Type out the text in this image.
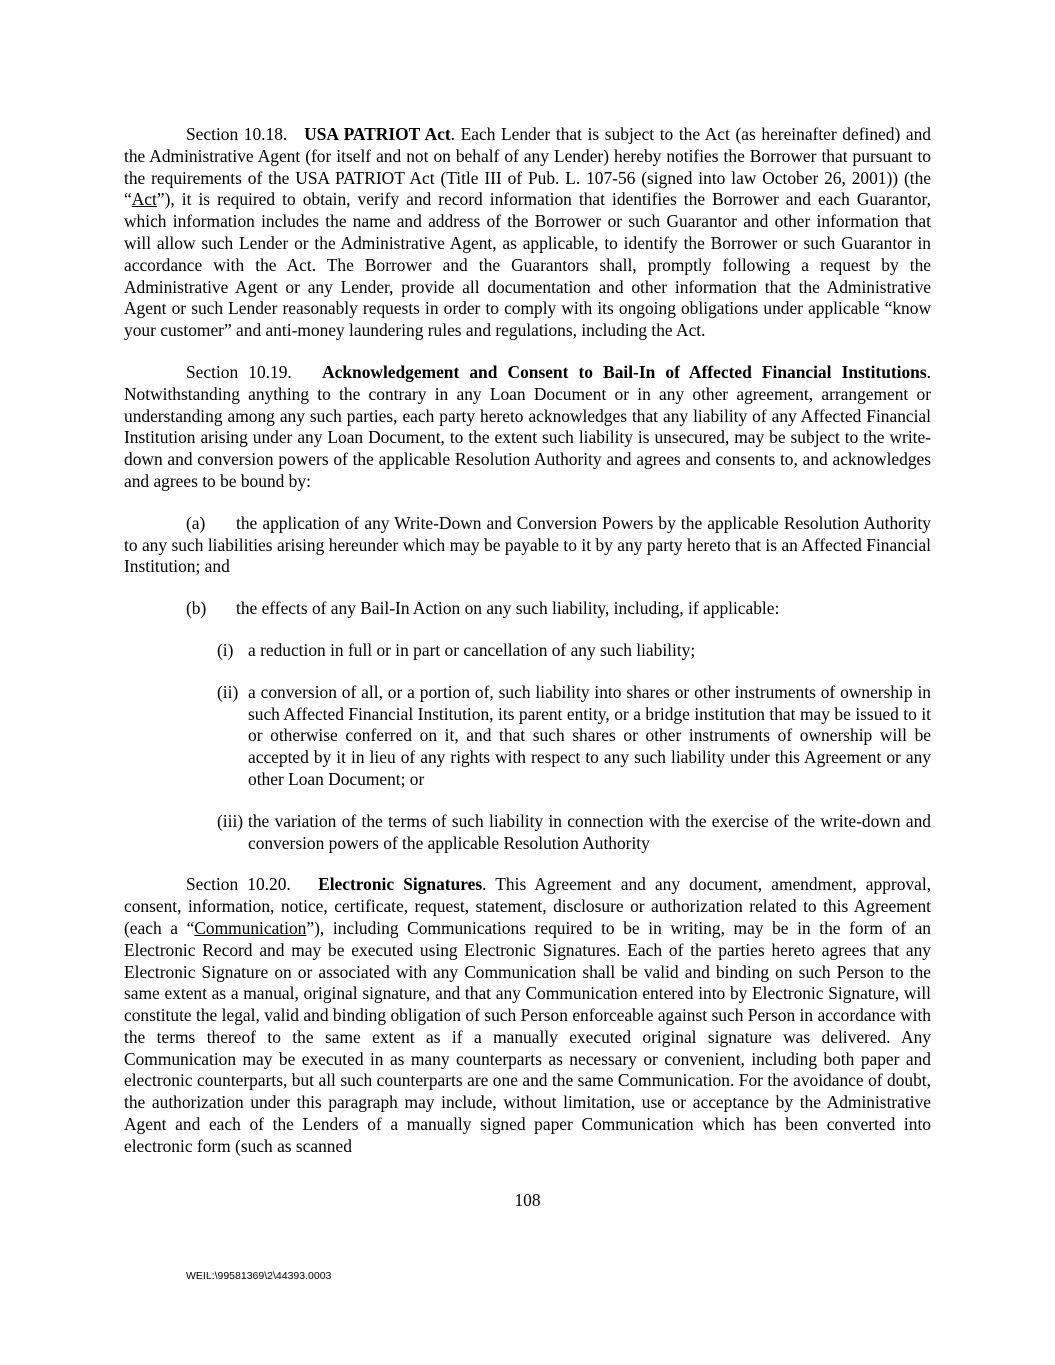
Section 10.18. USA PATRIOT Act. Each Lender that is subject to the Act (as hereinafter defined) and the Administrative Agent (for itself and not on behalf of any Lender) hereby notifies the Borrower that pursuant to the requirements of the USA PATRIOT Act (Title III of Pub. L. 107-56 (signed into law October 26, 2001)) (the “Act”), it is required to obtain, verify and record information that identifies the Borrower and each Guarantor, which information includes the name and address of the Borrower or such Guarantor and other information that will allow such Lender or the Administrative Agent, as applicable, to identify the Borrower or such Guarantor in accordance with the Act. The Borrower and the Guarantors shall, promptly following a request by the Administrative Agent or any Lender, provide all documentation and other information that the Administrative Agent or such Lender reasonably requests in order to comply with its ongoing obligations under applicable “know your customer” and anti-money laundering rules and regulations, including the Act.

Section 10.19. Acknowledgement and Consent to Bail-In of Affected Financial Institutions. Notwithstanding anything to the contrary in any Loan Document or in any other agreement, arrangement or understanding among any such parties, each party hereto acknowledges that any liability of any Affected Financial Institution arising under any Loan Document, to the extent such liability is unsecured, may be subject to the write-down and conversion powers of the applicable Resolution Authority and agrees and consents to, and acknowledges and agrees to be bound by:

(a) the application of any Write-Down and Conversion Powers by the applicable Resolution Authority to any such liabilities arising hereunder which may be payable to it by any party hereto that is an Affected Financial Institution; and

(b) the effects of any Bail-In Action on any such liability, including, if applicable:

(i) a reduction in full or in part or cancellation of any such liability;
(ii) a conversion of all, or a portion of, such liability into shares or other instruments of ownership in such Affected Financial Institution, its parent entity, or a bridge institution that may be issued to it or otherwise conferred on it, and that such shares or other instruments of ownership will be accepted by it in lieu of any rights with respect to any such liability under this Agreement or any other Loan Document; or
(iii) the variation of the terms of such liability in connection with the exercise of the write-down and conversion powers of the applicable Resolution Authority

Section 10.20. Electronic Signatures. This Agreement and any document, amendment, approval, consent, information, notice, certificate, request, statement, disclosure or authorization related to this Agreement (each a “Communication”), including Communications required to be in writing, may be in the form of an Electronic Record and may be executed using Electronic Signatures. Each of the parties hereto agrees that any Electronic Signature on or associated with any Communication shall be valid and binding on such Person to the same extent as a manual, original signature, and that any Communication entered into by Electronic Signature, will constitute the legal, valid and binding obligation of such Person enforceable against such Person in accordance with the terms thereof to the same extent as if a manually executed original signature was delivered. Any Communication may be executed in as many counterparts as necessary or convenient, including both paper and electronic counterparts, but all such counterparts are one and the same Communication. For the avoidance of doubt, the authorization under this paragraph may include, without limitation, use or acceptance by the Administrative Agent and each of the Lenders of a manually signed paper Communication which has been converted into electronic form (such as scanned

108
WEIL:\99581369\2\44393.0003
